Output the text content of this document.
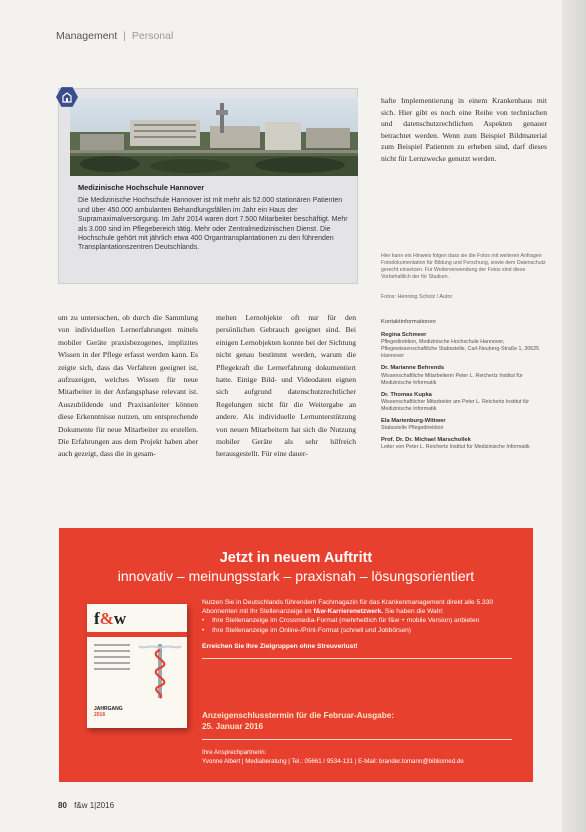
Management | Personal
Medizinische Hochschule Hannover
Die Medizinische Hochschule Hannover ist mit mehr als 52.000 stationären Patienten und über 450.000 ambulanten Behandlungsfällen im Jahr ein Haus der Supramaximalversorgung. Im Jahr 2014 waren dort 7.500 Mitarbeiter beschäftigt. Mehr als 3.000 sind im Pflegebereich tätig. Mehr oder Zentralmedizinischen Dienst. Die Hochschule gehört mit jährlich etwa 400 Organtransplantationen zu den führenden Transplantationszentren Deutschlands.
hafte Implementierung in einem Krankenhaus mit sich. Hier gibt es noch eine Reihe von technischen und datenschutzrechtlichen Aspekten genauer betrachtet werden. Wenn zum Beispiel Bildmaterial zum Beispiel Patienten zu erheben sind, darf dieses nicht für Lernzwecke genutzt werden.
Hier kann ein Hinweis folgen dass sie die Fotos mit weiteren Anfragen Fotodokumentation für Bildung und Forschung, sowie dem Datenschutz gerecht einsetzen. Für Weiterverwendung der Fotos sind diese Vorbehaltlich der für Studium.
Fotos: Henning Scholz / Autor
um zu untersuchen, ob durch die Sammlung von individuellen Lernerfahrungen mittels mobiler Geräte praxisbezogenes, implizites Wissen in der Pflege erfasst werden kann. Es zeigte sich, dass das Verfahren geeignet ist, aufzuzeigen, welches Wissen für neue Mitarbeiter in der Anfangsphase relevant ist. Auszubildende und Praxisanleiter können diese Erkenntnisse nutzen, um entsprechende Dokumente für neue Mitarbeiter zu erstellen. Die Erfahrungen aus dem Projekt haben aber auch gezeigt, dass die in gesam-
melten Lernobjekte oft nur für den persönlichen Gebrauch geeignet sind. Bei einigen Lernobjekten konnte bei der Sichtung nicht genau bestimmt werden, warum die Pflegekraft die Lernerfahrung dokumentiert hatte. Einige Bild- und Videodaten eignen sich aufgrund datenschutzrechtlicher Regelungen nicht für die Weitergabe an andere. Als individuelle Lernunterstützung von neuen Mitarbeitern hat sich die Nutzung mobiler Geräte als sehr hilfreich herausgestellt. Für eine dauer-
Kontaktinformationen
Regina Schmeer
Pflegedirektion, Medizinische Hochschule Hannover, Pflegewissenschaftliche Stabsstelle, Carl-Neuberg-Straße 1, 30625 Hannover
Dr. Marianne Behrends
Wissenschaftliche Mitarbeiterin Peter L. Reichertz Institut für Medizinische Informatik
Dr. Thomas Kupka
Wissenschaftlicher Mitarbeiter am Peter L. Reichertz Institut für Medizinische Informatik
Ela Marienburg-Wittwer
Stabsstelle Pflegedirektion
Prof. Dr. Dr. Michael Marschollek
Leiter von Peter L. Reichertz Institut für Medizinische Informatik
Jetzt in neuem Auftritt
innovativ – meinungsstark – praxisnah – lösungsorientiert
f&w
JAHRGANG
2016
Nutzen Sie in Deutschlands führendem Fachmagazin für das Krankenmanagement direkt alle 5.330 Abonnenten mit Ihr Stellenanzeige im f&w-Karrierenetzwerk. Sie haben die Wahl:
•	Ihre Stellenanzeige im Crossmedia-Format (mehrheitlich für f&w + mobile Version) anbieten
•	Ihre Stellenanzeige im Online-/Print-Format (schnell und Jobbörsen)
Erreichen Sie Ihre Zielgruppen ohne Streuverlust!
Anzeigenschlusstermin für die Februar-Ausgabe:
25. Januar 2016
Ihre Ansprechpartnerin:
Yvonne Albert | Mediaberatung | Tel.: 05661 / 9534-131 | E-Mail: brander.tomann@bibliomed.de
80 f&w 1|2016
